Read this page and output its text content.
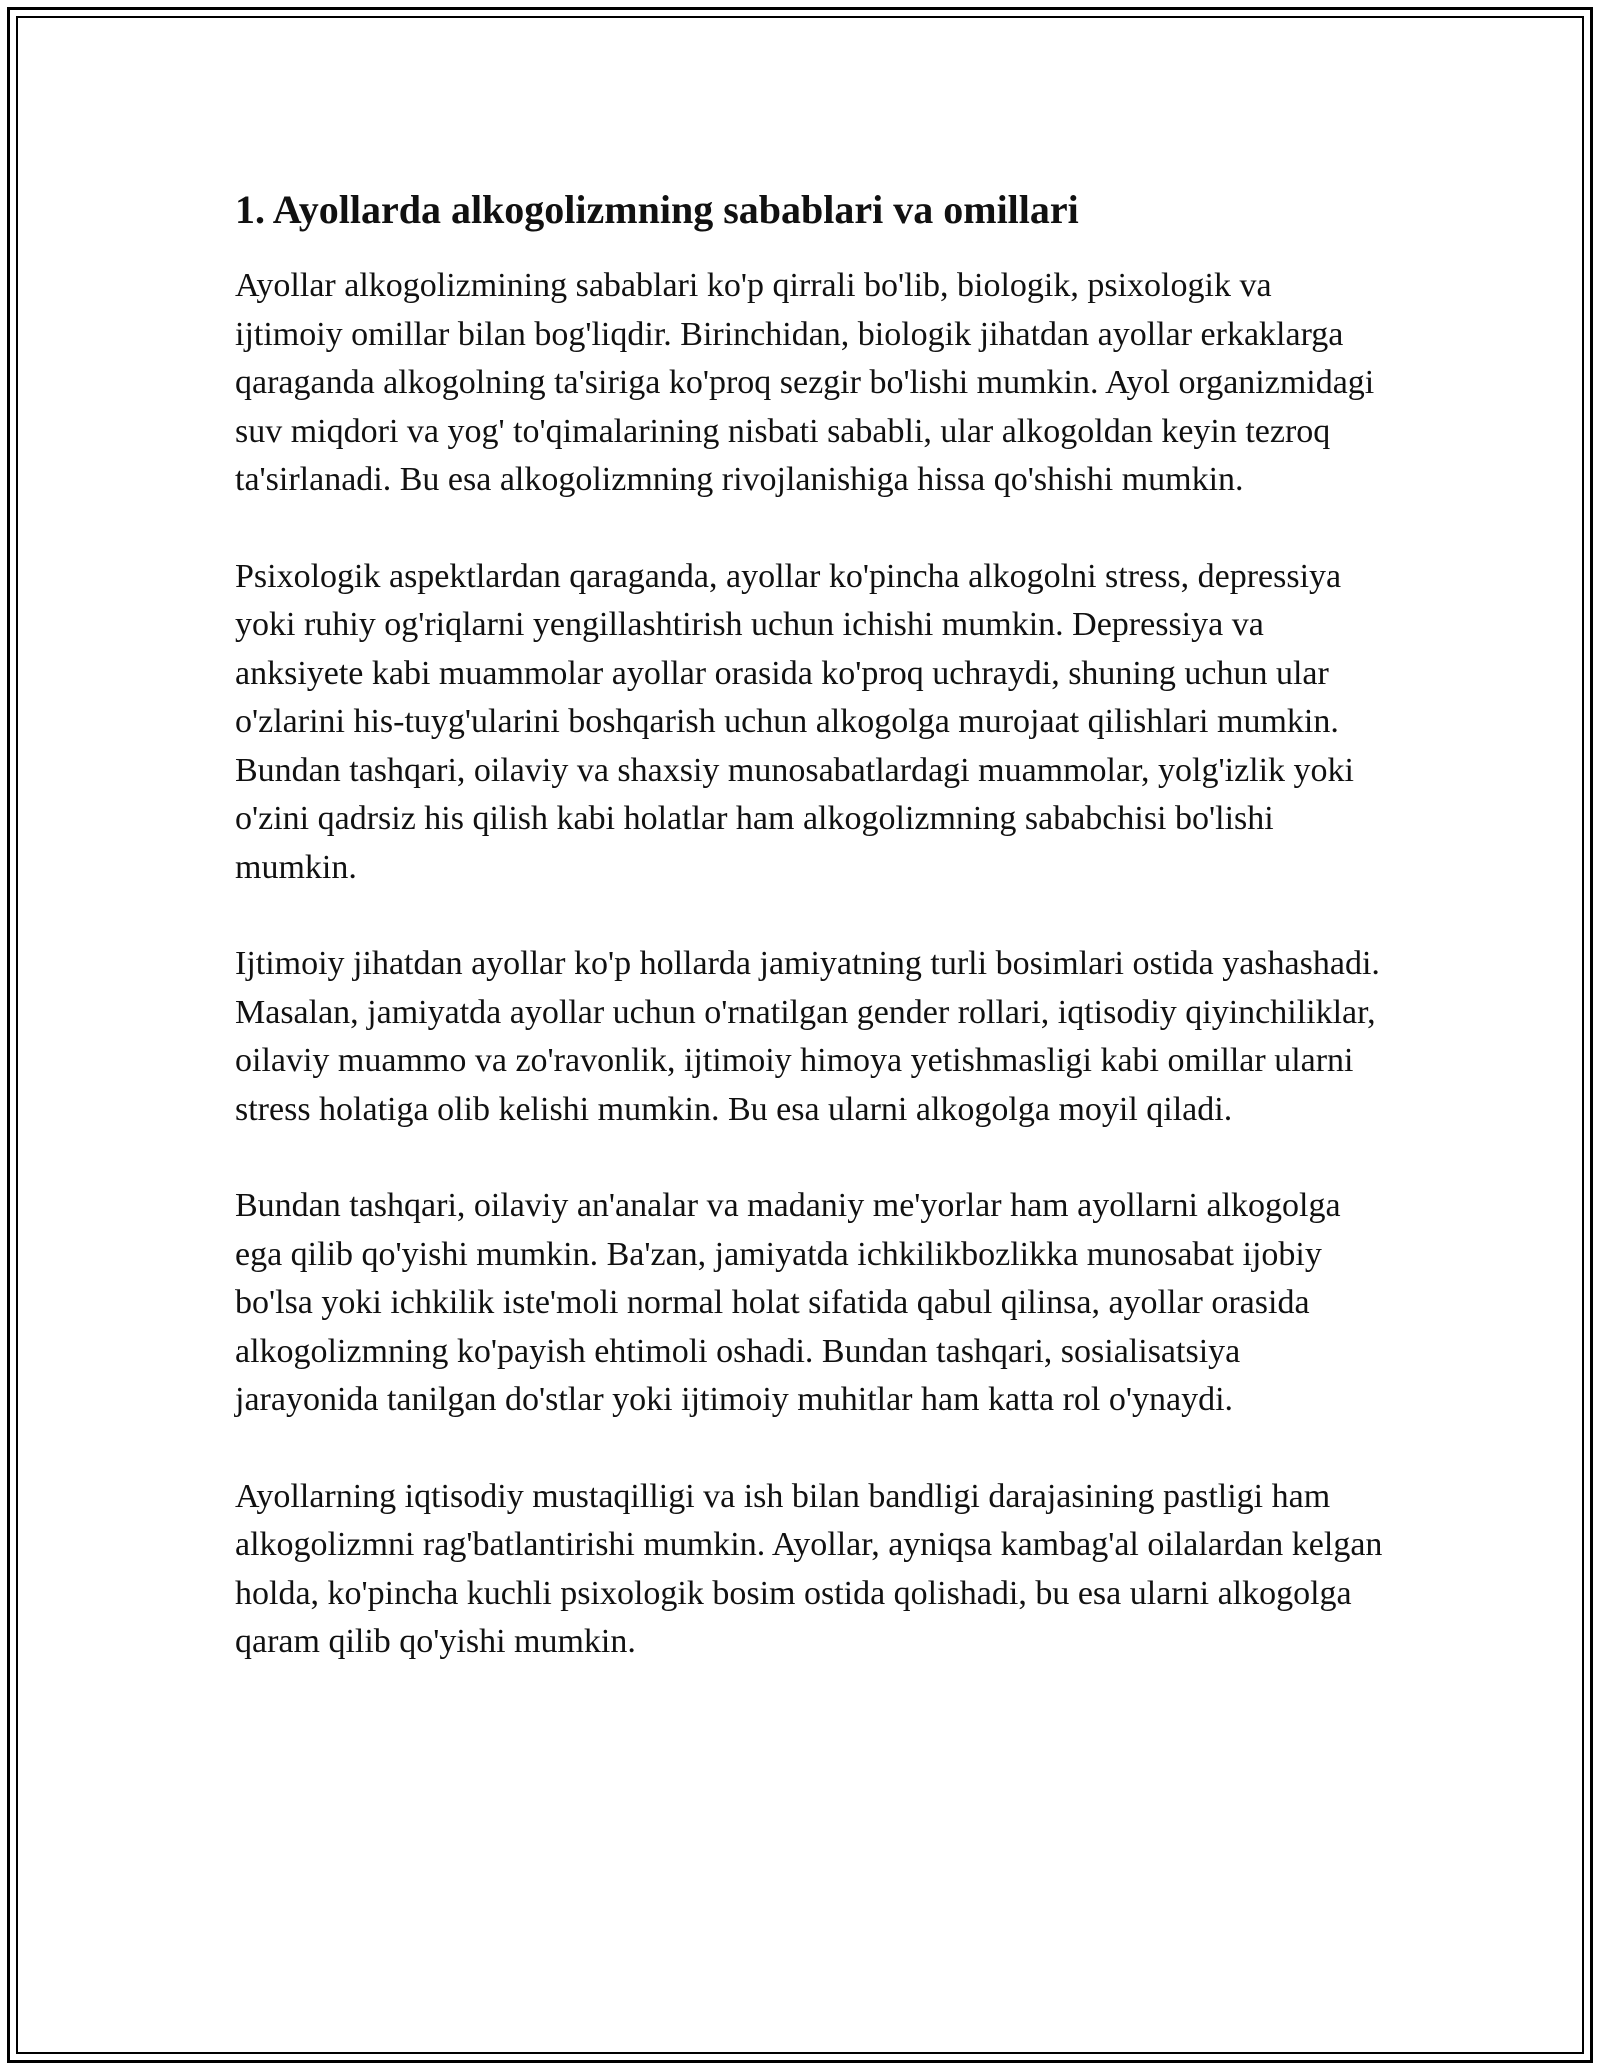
1. Ayollarda alkogolizmning sabablari va omillari

Ayollar alkogolizmining sabablari ko'p qirrali bo'lib, biologik, psixologik va ijtimoiy omillar bilan bog'liqdir. Birinchidan, biologik jihatdan ayollar erkaklarga qaraganda alkogolning ta'siriga ko'proq sezgir bo'lishi mumkin. Ayol organizmidagi suv miqdori va yog' to'qimalarining nisbati sababli, ular alkogoldan keyin tezroq ta'sirlanadi. Bu esa alkogolizmning rivojlanishiga hissa qo'shishi mumkin.

Psixologik aspektlardan qaraganda, ayollar ko'pincha alkogolni stress, depressiya yoki ruhiy og'riqlarni yengillashtirish uchun ichishi mumkin. Depressiya va anksiyete kabi muammolar ayollar orasida ko'proq uchraydi, shuning uchun ular o'zlarini his-tuyg'ularini boshqarish uchun alkogolga murojaat qilishlari mumkin. Bundan tashqari, oilaviy va shaxsiy munosabatlardagi muammolar, yolg'izlik yoki o'zini qadrsiz his qilish kabi holatlar ham alkogolizmning sababchisi bo'lishi mumkin.

Ijtimoiy jihatdan ayollar ko'p hollarda jamiyatning turli bosimlari ostida yashashadi. Masalan, jamiyatda ayollar uchun o'rnatilgan gender rollari, iqtisodiy qiyinchiliklar, oilaviy muammo va zo'ravonlik, ijtimoiy himoya yetishmasligi kabi omillar ularni stress holatiga olib kelishi mumkin. Bu esa ularni alkogolga moyil qiladi.

Bundan tashqari, oilaviy an'analar va madaniy me'yorlar ham ayollarni alkogolga ega qilib qo'yishi mumkin. Ba'zan, jamiyatda ichkilikbozlikka munosabat ijobiy bo'lsa yoki ichkilik iste'moli normal holat sifatida qabul qilinsa, ayollar orasida alkogolizmning ko'payish ehtimoli oshadi. Bundan tashqari, sosialisatsiya jarayonida tanilgan do'stlar yoki ijtimoiy muhitlar ham katta rol o'ynaydi.

Ayollarning iqtisodiy mustaqilligi va ish bilan bandligi darajasining pastligi ham alkogolizmni rag'batlantirishi mumkin. Ayollar, ayniqsa kambag'al oilalardan kelgan holda, ko'pincha kuchli psixologik bosim ostida qolishadi, bu esa ularni alkogolga qaram qilib qo'yishi mumkin.
